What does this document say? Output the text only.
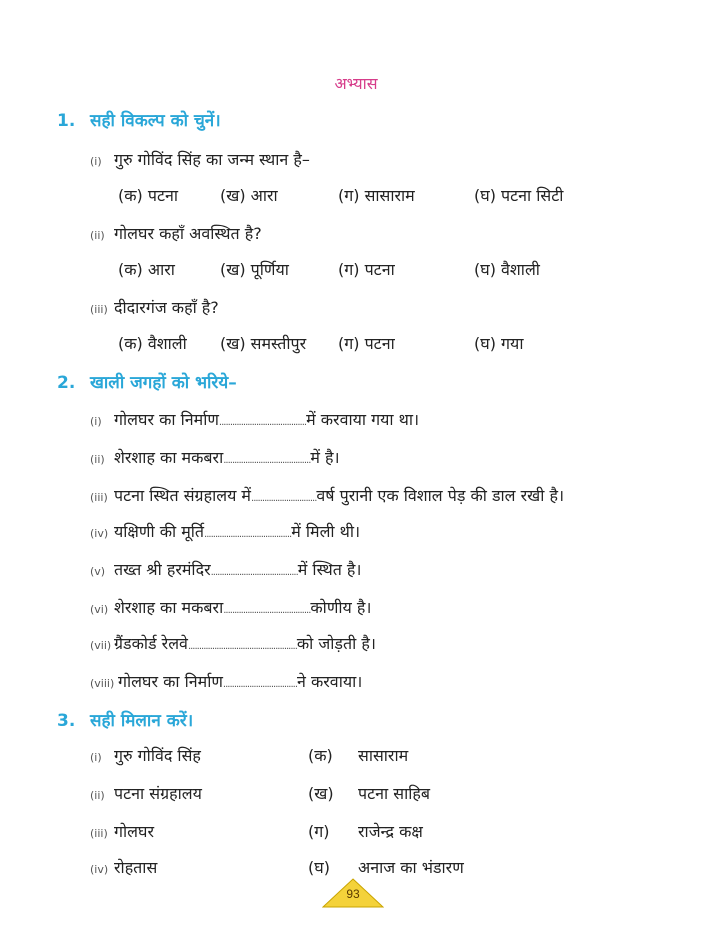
अभ्यास
1. सही विकल्प को चुनें।
(i) गुरु गोविंद सिंह का जन्म स्थान है–
(क) पटना	(ख) आरा	(ग) सासाराम	(घ) पटना सिटी
(ii) गोलघर कहाँ अवस्थित है?
(क) आरा	(ख) पूर्णिया	(ग) पटना	(घ) वैशाली
(iii) दीदारगंज कहाँ है?
(क) वैशाली (ख) समस्तीपुर (ग) पटना	(घ) गया
2. खाली जगहों को भरिये–
(i) गोलघर का निर्माण........................................में करवाया गया था।
(ii) शेरशाह का मकबरा........................................में है।
(iii) पटना स्थित संग्रहालय में..............................वर्ष पुरानी एक विशाल पेड़ की डाल रखी है।
(iv) यक्षिणी की मूर्ति........................................में मिली थी।
(v) तख्त श्री हरमंदिर........................................में स्थित है।
(vi) शेरशाह का मकबरा........................................कोणीय है।
(vii) ग्रैंडकोर्ड रेलवे..................................................को जोड़ती है।
(viii) गोलघर का निर्माण..................................ने करवाया।
3. सही मिलान करें।
(i) गुरु गोविंद सिंह	(क) सासाराम
(ii) पटना संग्रहालय	(ख) पटना साहिब
(iii) गोलघर	(ग) राजेन्द्र कक्ष
(iv) रोहतास	(घ) अनाज का भंडारण
93
